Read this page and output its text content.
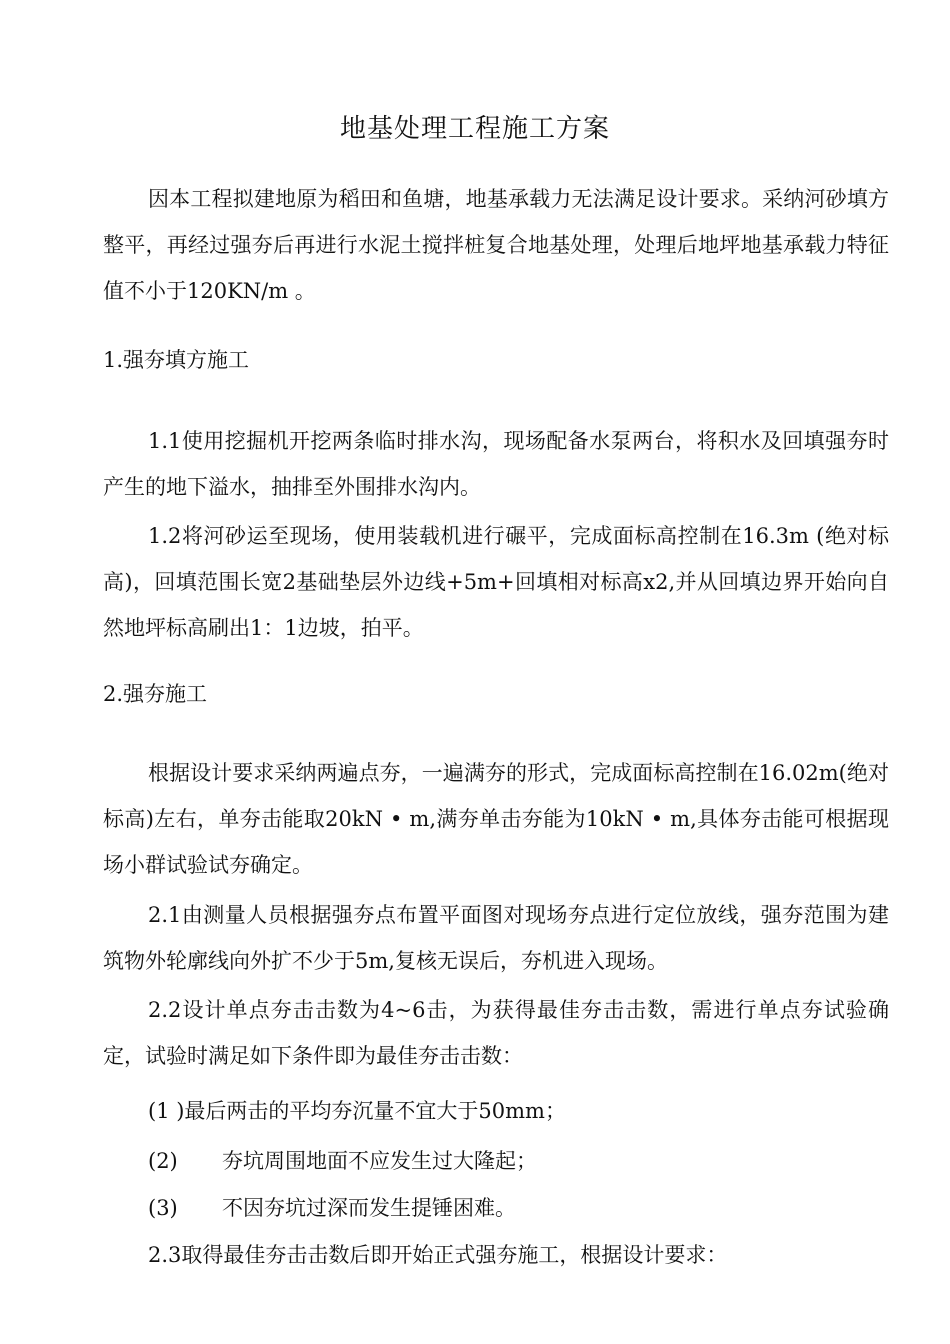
地基处理工程施工方案
因本工程拟建地原为稻田和鱼塘，地基承载力无法满足设计要求。采纳河砂填方整平，再经过强夯后再进行水泥土搅拌桩复合地基处理，处理后地坪地基承载力特征值不小于120KN/m 。
1.强夯填方施工
1.1使用挖掘机开挖两条临时排水沟，现场配备水泵两台，将积水及回填强夯时产生的地下溢水，抽排至外围排水沟内。
1.2将河砂运至现场，使用装载机进行碾平，完成面标高控制在16.3m (绝对标高)，回填范围长宽2基础垫层外边线+5m+回填相对标高x2,并从回填边界开始向自然地坪标高刷出1：1边坡，拍平。
2.强夯施工
根据设计要求采纳两遍点夯，一遍满夯的形式，完成面标高控制在16.02m(绝对标高)左右，单夯击能取20kN • m,满夯单击夯能为10kN • m,具体夯击能可根据现场小群试验试夯确定。
2.1由测量人员根据强夯点布置平面图对现场夯点进行定位放线，强夯范围为建筑物外轮廓线向外扩不少于5m,复核无误后，夯机进入现场。
2.2设计单点夯击击数为4~6击，为获得最佳夯击击数，需进行单点夯试验确定，试验时满足如下条件即为最佳夯击击数：
(1 )最后两击的平均夯沉量不宜大于50mm；
(2) 夯坑周围地面不应发生过大隆起；
(3) 不因夯坑过深而发生提锤困难。
2.3取得最佳夯击击数后即开始正式强夯施工，根据设计要求：
